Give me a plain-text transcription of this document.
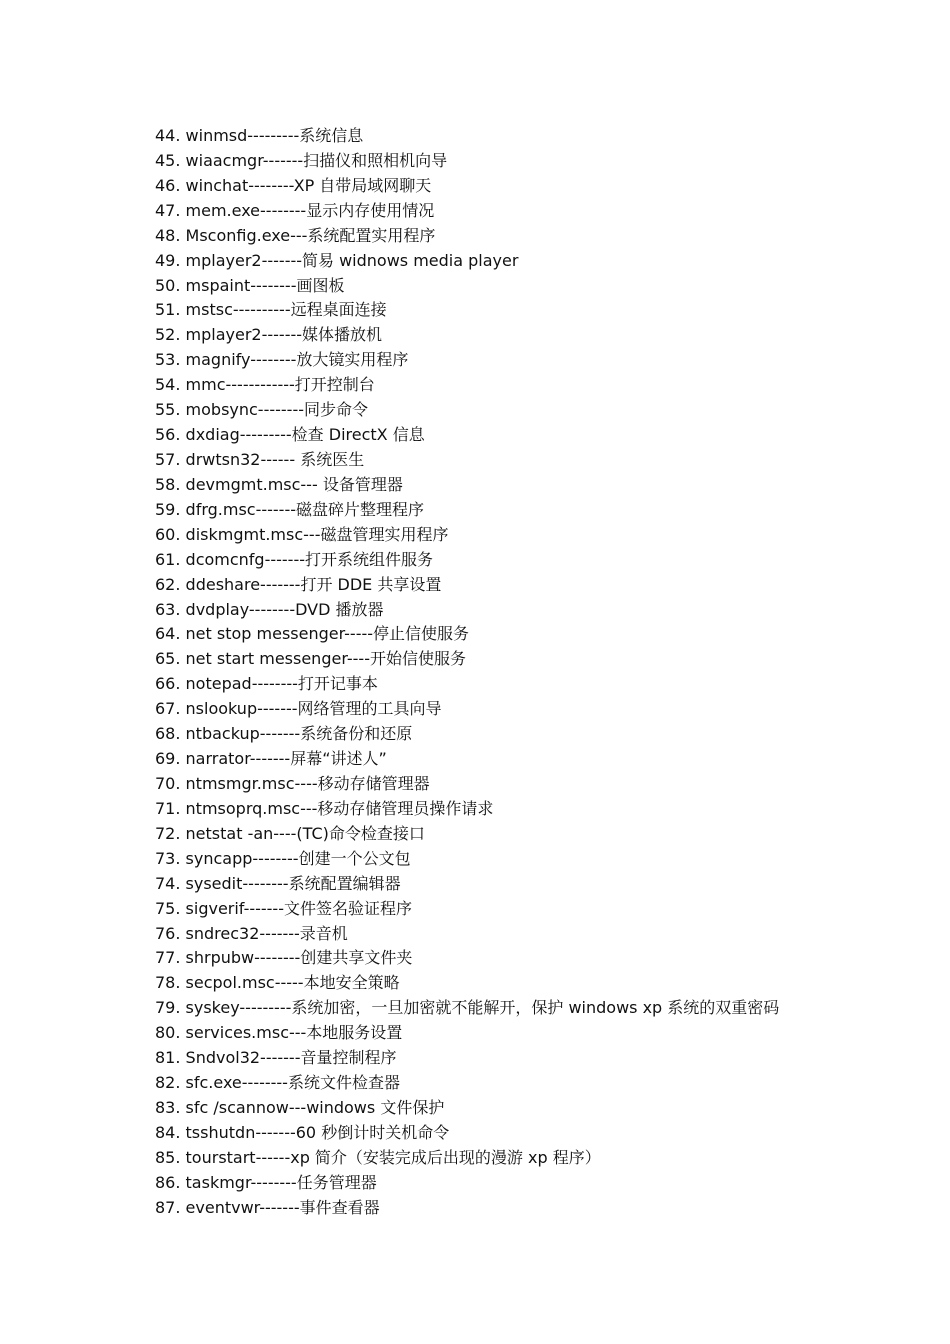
44. winmsd---------系统信息
45. wiaacmgr-------扫描仪和照相机向导
46. winchat--------XP 自带局域网聊天
47. mem.exe--------显示内存使用情况
48. Msconfig.exe---系统配置实用程序
49. mplayer2-------简易 widnows media player
50. mspaint--------画图板
51. mstsc----------远程桌面连接
52. mplayer2-------媒体播放机
53. magnify--------放大镜实用程序
54. mmc------------打开控制台
55. mobsync--------同步命令
56. dxdiag---------检查 DirectX 信息
57. drwtsn32------ 系统医生
58. devmgmt.msc--- 设备管理器
59. dfrg.msc-------磁盘碎片整理程序
60. diskmgmt.msc---磁盘管理实用程序
61. dcomcnfg-------打开系统组件服务
62. ddeshare-------打开 DDE 共享设置
63. dvdplay--------DVD 播放器
64. net stop messenger-----停止信使服务
65. net start messenger----开始信使服务
66. notepad--------打开记事本
67. nslookup-------网络管理的工具向导
68. ntbackup-------系统备份和还原
69. narrator-------屏幕“讲述人”
70. ntmsmgr.msc----移动存储管理器
71. ntmsoprq.msc---移动存储管理员操作请求
72. netstat -an----(TC)命令检查接口
73. syncapp--------创建一个公文包
74. sysedit--------系统配置编辑器
75. sigverif-------文件签名验证程序
76. sndrec32-------录音机
77. shrpubw--------创建共享文件夹
78. secpol.msc-----本地安全策略
79. syskey---------系统加密，一旦加密就不能解开，保护 windows xp 系统的双重密码
80. services.msc---本地服务设置
81. Sndvol32-------音量控制程序
82. sfc.exe--------系统文件检查器
83. sfc /scannow---windows 文件保护
84. tsshutdn-------60 秒倒计时关机命令
85. tourstart------xp 简介（安装完成后出现的漫游 xp 程序）
86. taskmgr--------任务管理器
87. eventvwr-------事件查看器
